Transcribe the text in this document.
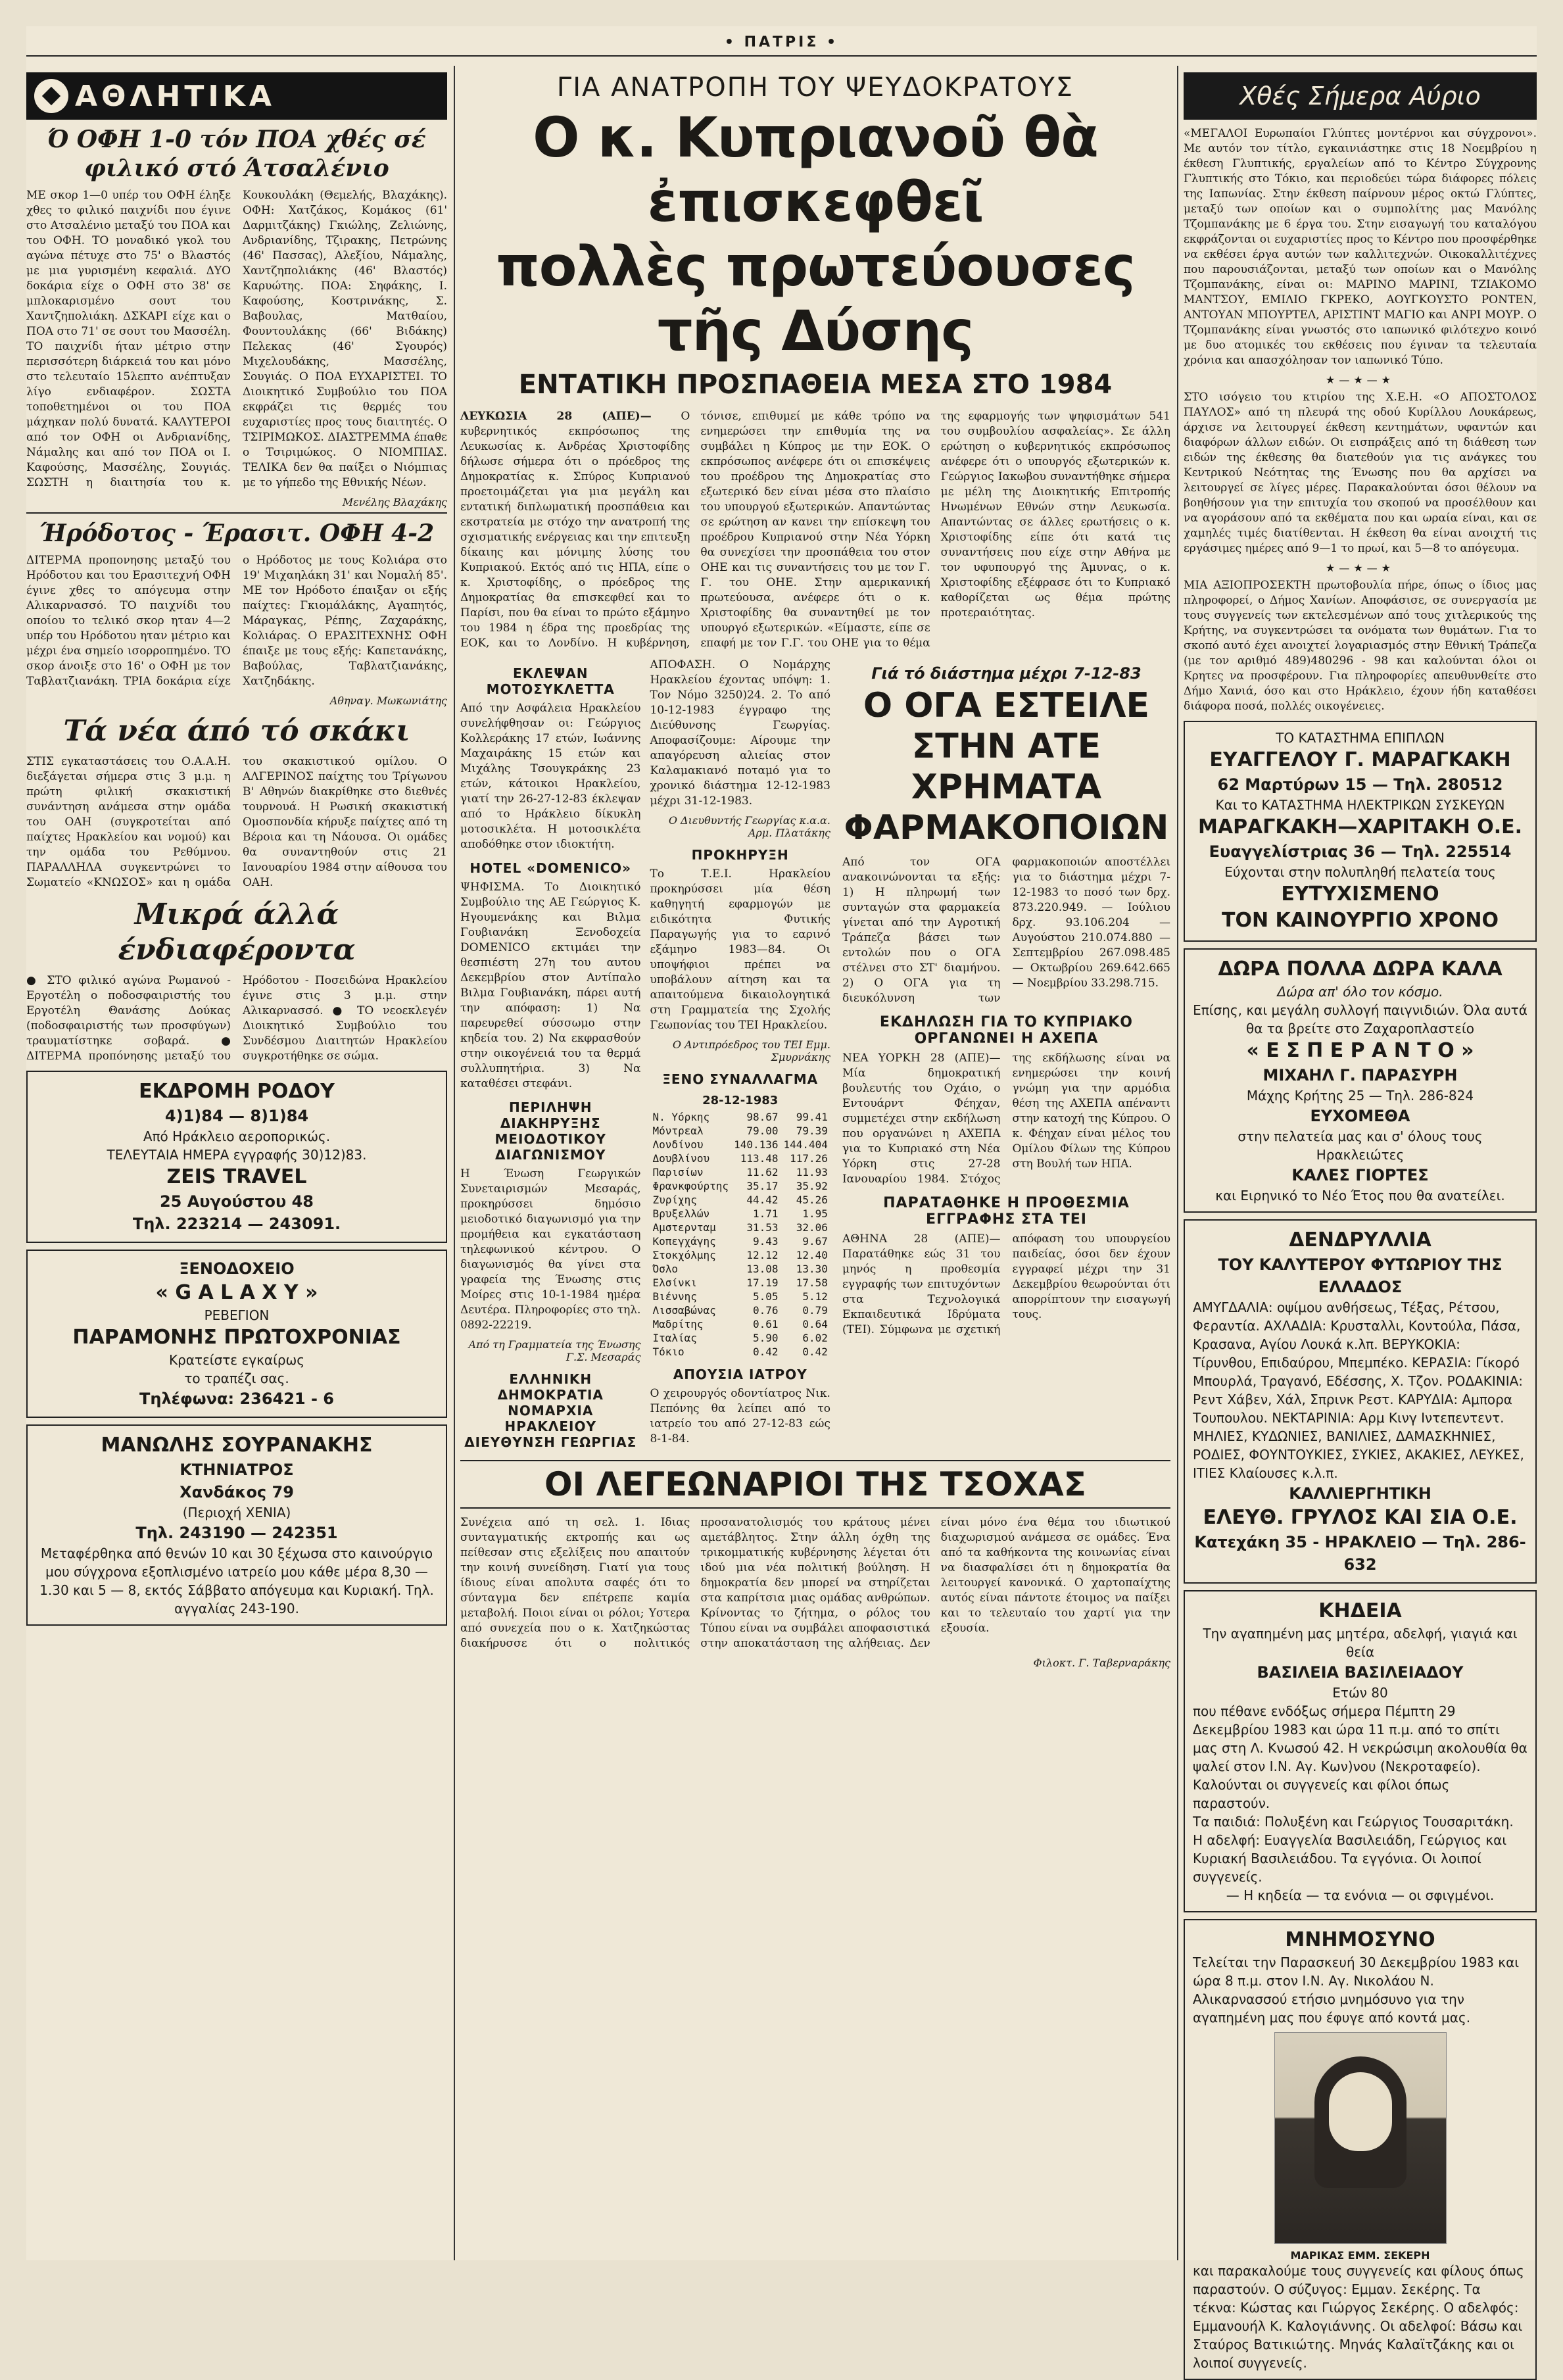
• ΠΑΤΡΙΣ •
ΑΘΛΗΤΙΚΑ
Ό ΟΦΗ 1-0 τόν ΠΟΑ χθές σέ φιλικό στό Άτσαλένιο
ΜΕ σκορ 1—0 υπέρ του ΟΦΗ έληξε χθες το φιλικό παιχνίδι που έγινε στο Ατσαλένιο μεταξύ του ΠΟΑ και του ΟΦΗ. ΤΟ μοναδικό γκολ του αγώνα πέτυχε στο 75' ο Βλαστός με μια γυρισμένη κεφαλιά. ΔΥΟ δοκάρια είχε ο ΟΦΗ στο 38' σε μπλοκαρισμένο σουτ του Χαντζηπολιάκη. ΔΣΚΑΡΙ είχε και ο ΠΟΑ στο 71' σε σουτ του Μασσέλη. ΤΟ παιχνίδι ήταν μέτριο στην περισσότερη διάρκειά του και μόνο στο τελευταίο 15λεπτο ανέπτυξαν λίγο ενδιαφέρον. ΣΩΣΤΑ τοποθετημένοι οι του ΠΟΑ μάχηκαν πολύ δυνατά. ΚΑΛΥΤΕΡΟΙ από τον ΟΦΗ οι Ανδριανίδης, Νάμαλης και από τον ΠΟΑ οι Ι. Καφούσης, Μασσέλης, Σουγιάς. ΣΩΣΤΗ η διαιτησία του κ. Κουκουλάκη (Θεμελής, Βλαχάκης). ΟΦΗ: Χατζάκος, Κομάκος (61' Δαρμιτζάκης) Γκιώλης, Ζελιώνης, Ανδριανίδης, Τζιρακης, Πετρώνης (46' Πασσας), Αλεξίου, Νάμαλης, Χαντζηπολιάκης (46' Βλαστός) Καρυώτης. ΠΟΑ: Σηφάκης, Ι. Καφούσης, Κοστρινάκης, Σ. Βαβουλας, Ματθαίου, Φουντουλάκης (66' Βιδάκης) Πελεκας (46' Σγουρός) Μιχελουδάκης, Μασσέλης, Σουγιάς. Ο ΠΟΑ ΕΥΧΑΡΙΣΤΕΙ. ΤΟ Διοικητικό Συμβούλιο του ΠΟΑ εκφράζει τις θερμές του ευχαριστίες προς τους διαιτητές. Ο ΤΣΙΡΙΜΩΚΟΣ. ΔΙΑΣΤΡΕΜΜΑ έπαθε ο Τσιριμώκος. Ο ΝΙΟΜΠΙΑΣ. ΤΕΛΙΚΑ δεν θα παίξει ο Νιόμπιας με το γήπεδο της Εθνικής Νέων.
Μενέλης Βλαχάκης
Ήρόδοτος - Έρασιτ. ΟΦΗ 4-2
ΔΙΤΕΡΜΑ προπονησης μεταξύ του Ηρόδοτου και του Ερασιτεχνή ΟΦΗ έγινε χθες το απόγευμα στην Αλικαρνασσό. ΤΟ παιχνίδι του οποίου το τελικό σκορ ηταν 4—2 υπέρ του Ηρόδοτου ηταν μέτριο και μέχρι ένα σημείο ισορροπημένο. ΤΟ σκορ άνοιξε στο 16' ο ΟΦΗ με τον Ταβλατζιανάκη. ΤΡΙΑ δοκάρια είχε ο Ηρόδοτος με τους Κολιάρα στο 19' Μιχαηλάκη 31' και Νομαλή 85'. ΜΕ τον Ηρόδοτο έπαιξαν οι εξής παίχτες: Γκιομάλάκης, Αγαπητός, Μάραγκας, Ρέπης, Ζαχαράκης, Κολιάρας. Ο ΕΡΑΣΙΤΕΧΝΗΣ ΟΦΗ έπαιξε με τους εξής: Καπετανάκης, Βαβούλας, Ταβλατζιανάκης, Χατζηδάκης.
Αθηναγ. Μωκωνιάτης
Τά νέα άπό τό σκάκι
ΣΤΙΣ εγκαταστάσεις του Ο.Α.Α.Η. διεξάγεται σήμερα στις 3 μ.μ. η πρώτη φιλική σκακιστική συνάντηση ανάμεσα στην ομάδα του ΟΑΗ (συγκροτείται από παίχτες Ηρακλείου και νομού) και την ομάδα του Ρεθύμνου. ΠΑΡΑΛΛΗΛΑ συγκεντρώνει το Σωματείο «ΚΝΩΣΟΣ» και η ομάδα του σκακιστικού ομίλου. Ο ΑΛΓΕΡΙΝΟΣ παίχτης του Τρίγωνου Β' Αθηνών διακρίθηκε στο διεθνές τουρνουά. Η Ρωσική σκακιστική Ομοσπονδία κήρυξε παίχτες από τη Βέροια και τη Νάουσα. Οι ομάδες θα συναντηθούν στις 21 Ιανουαρίου 1984 στην αίθουσα του ΟΑΗ.
Μικρά άλλά ένδιαφέροντα
● ΣΤΟ φιλικό αγώνα Ρωμανού - Εργοτέλη ο ποδοσφαιριστής του Εργοτέλη Θανάσης Δούκας (ποδοσφαιριστής των προσφύγων) τραυματίστηκε σοβαρά. ● ΔΙΤΕΡΜΑ προπόνησης μεταξύ του Ηρόδοτου - Ποσειδώνα Ηρακλείου έγινε στις 3 μ.μ. στην Αλικαρνασσό. ● ΤΟ νεοεκλεγέν Διοικητικό Συμβούλιο του Συνδέσμου Διαιτητών Ηρακλείου συγκροτήθηκε σε σώμα.
ΕΚΔΡΟΜΗ ΡΟΔΟΥ
4)1)84 — 8)1)84
Από Ηράκλειο αεροπορικώς.
ΤΕΛΕΥΤΑΙΑ ΗΜΕΡΑ εγγραφής 30)12)83.
ZEIS TRAVEL
25 Αυγούστου 48
Τηλ. 223214 — 243091.
ΞΕΝΟΔΟΧΕΙΟ
« G A L A X Y »
ΡΕΒΕΓΙΟΝ
ΠΑΡΑΜΟΝΗΣ ΠΡΩΤΟΧΡΟΝΙΑΣ
Κρατείστε εγκαίρως
το τραπέζι σας.
Τηλέφωνα: 236421 - 6
ΜΑΝΩΛΗΣ ΣΟΥΡΑΝΑΚΗΣ
ΚΤΗΝΙΑΤΡΟΣ
Χανδάκος 79
(Περιοχή ΧΕΝΙΑ)
Τηλ. 243190 — 242351
Μεταφέρθηκα από θενών 10 και 30 ξέχωσα στο καινούργιο μου σύγχρονα εξοπλισμένο ιατρείο μου κάθε μέρα 8,30 — 1.30 και 5 — 8, εκτός Σάββατο απόγευμα και Κυριακή. Τηλ. αγγαλίας 243-190.
ΓΙΑ ΑΝΑΤΡΟΠΗ ΤΟΥ ΨΕΥΔΟΚΡΑΤΟΥΣ
Ο κ. Κυπριανοῦ θὰ ἐπισκεφθεῖ
πολλὲς πρωτεύουσες τῆς Δύσης
ΕΝΤΑΤΙΚΗ ΠΡΟΣΠΑΘΕΙΑ ΜΕΣΑ ΣΤΟ 1984
ΛΕΥΚΩΣΙΑ 28 (ΑΠΕ)—	Ο κυβερνητικός εκπρόσωπος της Λευκωσίας κ. Ανδρέας Χριστοφίδης δήλωσε σήμερα ότι ο πρόεδρος της Δημοκρατίας κ. Σπύρος Κυπριανού προετοιμάζεται για μια μεγάλη και εντατική διπλωματική προσπάθεια και εκστρατεία με στόχο την ανατροπή της σχισματικής ενέργειας και την επιτευξη δίκαιης και μόνιμης λύσης του Κυπριακού. Εκτός από τις ΗΠΑ, είπε ο κ. Χριστοφίδης, ο πρόεδρος της Δημοκρατίας θα επισκεφθεί και το Παρίσι, που θα είναι το πρώτο εξάμηνο του 1984 η έδρα της προεδρίας της ΕΟΚ, και το Λονδίνο. Η κυβέρνηση, τόνισε, επιθυμεί με κάθε τρόπο να ενημερώσει την επιθυμία της να συμβάλει η Κύπρος με την ΕΟΚ. Ο εκπρόσωπος ανέφερε ότι οι επισκέψεις του προέδρου της Δημοκρατίας στο εξωτερικό δεν είναι μέσα στο πλαίσιο του υπουργού εξωτερικών. Απαντώντας σε ερώτηση αν κανει την επίσκεψη του προέδρου Κυπριανού στην Νέα Υόρκη θα συνεχίσει την προσπάθεια του στον ΟΗΕ και τις συναντήσεις του με τον Γ. Γ. του ΟΗΕ. Στην αμερικανική πρωτεύουσα, ανέφερε ότι ο κ. Χριστοφίδης θα συναντηθεί με τον υπουργό εξωτερικών. «Είμαστε, είπε σε επαφή με τον Γ.Γ. του ΟΗΕ για το θέμα της εφαρμογής των ψηφισμάτων 541 του συμβουλίου ασφαλείας». Σε άλλη ερώτηση ο κυβερνητικός εκπρόσωπος ανέφερε ότι ο υπουργός εξωτερικών κ. Γεώργιος Ιακωβου συναντήθηκε σήμερα με μέλη της Διοικητικής Επιτροπής Ηνωμένων Εθνών στην Λευκωσία. Απαντώντας σε άλλες ερωτήσεις ο κ. Χριστοφίδης είπε ότι κατά τις συναντήσεις που είχε στην Αθήνα με τον υφυπουργό της Άμυνας, ο κ. Χριστοφίδης εξέφρασε ότι το Κυπριακό καθορίζεται ως θέμα πρώτης προτεραιότητας.
ΕΚΛΕΨΑΝ ΜΟΤΟΣΥΚΛΕΤΤΑ
Από την Ασφάλεια Ηρακλείου συνελήφθησαν οι: Γεώργιος Κολλεράκης 17 ετών, Ιωάννης Μαχαιράκης 15 ετών και Μιχάλης Τσουγκράκης 23 ετών, κάτοικοι Ηρακλείου, γιατί την 26-27-12-83 έκλεψαν από το Ηράκλειο δίκυκλη μοτοσικλέτα. Η μοτοσικλέτα αποδόθηκε στον ιδιοκτήτη.
HOTEL «DOMENICO»
ΨΗΦΙΣΜΑ. Το Διοικητικό Συμβούλιο της ΑΕ Γεώργιος Κ. Ηγουμενάκης και Βιλμα Γουβιανάκη Ξενοδοχεία DOMENICO εκτιμάει την θεσπιέστη 27η του αυτου Δεκεμβρίου στον Αντίπαλο Βιλμα Γουβιανάκη, πάρει αυτή την απόφαση: 1) Να παρευρεθεί σύσσωμο στην κηδεία του. 2) Να εκφρασθούν στην οικογένειά του τα θερμά συλλυπητήρια. 3) Να καταθέσει στεφάνι.
ΠΕΡΙΛΗΨΗ ΔΙΑΚΗΡΥΞΗΣ ΜΕΙΟΔΟΤΙΚΟΥ ΔΙΑΓΩΝΙΣΜΟΥ
Η Ένωση Γεωργικών Συνεταιρισμών Μεσαράς, προκηρύσσει δημόσιο μειοδοτικό διαγωνισμό για την προμήθεια και εγκατάσταση τηλεφωνικού κέντρου. Ο διαγωνισμός θα γίνει στα γραφεία της Ένωσης στις Μοίρες στις 10-1-1984 ημέρα Δευτέρα. Πληροφορίες στο τηλ. 0892-22219.
Από τη Γραμματεία της Ένωσης Γ.Σ. Μεσαράς
ΕΛΛΗΝΙΚΗ ΔΗΜΟΚΡΑΤΙΑ ΝΟΜΑΡΧΙΑ ΗΡΑΚΛΕΙΟΥ ΔΙΕΥΘΥΝΣΗ ΓΕΩΡΓΙΑΣ
ΑΠΟΦΑΣΗ. Ο Νομάρχης Ηρακλείου έχοντας υπόψη: 1. Τον Νόμο 3250)24. 2. Το από 10-12-1983 έγγραφο της Διεύθυνσης Γεωργίας. Αποφασίζουμε: Αίρουμε την απαγόρευση αλιείας στον Καλαμακιανό ποταμό για το χρονικό διάστημα 12-12-1983 μέχρι 31-12-1983.
Ο Διευθυντής Γεωργίας κ.α.α. Αρμ. Πλατάκης
ΠΡΟΚΗΡΥΞΗ
Το Τ.Ε.Ι. Ηρακλείου προκηρύσσει μία θέση καθηγητή εφαρμογών με ειδικότητα Φυτικής Παραγωγής για το εαρινό εξάμηνο 1983—84. Οι υποψήφιοι πρέπει να υποβάλουν αίτηση και τα απαιτούμενα δικαιολογητικά στη Γραμματεία της Σχολής Γεωπονίας του ΤΕΙ Ηρακλείου.
Ο Αντιπρόεδρος του ΤΕΙ Εμμ. Σμυρνάκης
ΞΕΝΟ ΣΥΝΑΛΛΑΓΜΑ
28-12-1983
Ν. Υόρκης	98.67	99.41
Μόντρεαλ	79.00	79.39
Λονδίνου	140.136	144.404
Δουβλίνου	113.48	117.26
Παρισίων	11.62	11.93
Φρανκφούρτης	35.17	35.92
Ζυρίχης	44.42	45.26
Βρυξελλών	1.71	1.95
Αμστερνταμ	31.53	32.06
Κοπεγχάγης	9.43	9.67
Στοκχόλμης	12.12	12.40
Όσλο	13.08	13.30
Ελσίνκι	17.19	17.58
Βιέννης	5.05	5.12
Λισσαβώνας	0.76	0.79
Μαδρίτης	0.61	0.64
Ιταλίας	5.90	6.02
Τόκιο	0.42	0.42
ΑΠΟΥΣΙΑ ΙΑΤΡΟΥ
Ο χειρουργός οδοντίατρος Νικ. Πεπόνης θα λείπει από το ιατρείο του από 27-12-83 εώς 8-1-84.
Γιά τό διάστημα μέχρι 7-12-83
Ο ΟΓΑ ΕΣΤΕΙΛΕ ΣΤΗΝ ΑΤΕ ΧΡΗΜΑΤΑ ΦΑΡΜΑΚΟΠΟΙΩΝ
Από τον ΟΓΑ ανακοινώνονται τα εξής: 1) Η πληρωμή των συνταγών στα φαρμακεία γίνεται από την Αγροτική Τράπεζα βάσει των εντολών που ο ΟΓΑ στέλνει στο ΣΤ' διαμήνου. 2) Ο ΟΓΑ για τη διευκόλυνση των φαρμακοποιών αποστέλλει για το διάστημα μέχρι 7-12-1983 το ποσό των δρχ. 873.220.949. — Ιούλιου δρχ. 93.106.204 — Αυγούστου 210.074.880 — Σεπτεμβρίου 267.098.485 — Οκτωβρίου 269.642.665 — Νοεμβρίου 33.298.715.
ΕΚΔΗΛΩΣΗ ΓΙΑ ΤΟ ΚΥΠΡΙΑΚΟ ΟΡΓΑΝΩΝΕΙ Η ΑΧΕΠΑ
ΝΕΑ ΥΟΡΚΗ 28 (ΑΠΕ)— Μία δημοκρατική βουλευτής του Οχάιο, ο Εντουάρντ Φέηχαν, συμμετέχει στην εκδήλωση που οργανώνει η ΑΧΕΠΑ για το Κυπριακό στη Νέα Υόρκη στις 27-28 Ιανουαρίου 1984. Στόχος της εκδήλωσης είναι να ενημερώσει την κοινή γνώμη για την αρμόδια θέση της ΑΧΕΠΑ απέναντι στην κατοχή της Κύπρου. Ο κ. Φέηχαν είναι μέλος του Ομίλου Φίλων της Κύπρου στη Βουλή των ΗΠΑ.
ΠΑΡΑΤΑΘΗΚΕ Η ΠΡΟΘΕΣΜΙΑ ΕΓΓΡΑΦΗΣ ΣΤΑ ΤΕΙ
ΑΘΗΝΑ 28 (ΑΠΕ)— Παρατάθηκε εώς 31 του μηνός η προθεσμία εγγραφής των επιτυχόντων στα Τεχνολογικά Εκπαιδευτικά Ιδρύματα (ΤΕΙ). Σύμφωνα με σχετική απόφαση του υπουργείου παιδείας, όσοι δεν έχουν εγγραφεί μέχρι την 31 Δεκεμβρίου θεωρούνται ότι απορρίπτουν την εισαγωγή τους.
ΟΙ ΛΕΓΕΩΝΑΡΙΟΙ ΤΗΣ ΤΣΟΧΑΣ
Συνέχεια από τη σελ. 1. Ιδιας συνταγματικής εκτροπής και ως πείθεσαν στις εξελίξεις που απαιτούν την κοινή συνείδηση. Γιατί για τους ίδιους είναι απολυτα σαφές ότι το σύνταγμα δεν επέτρεπε καμία μεταβολή. Ποιοι είναι οι ρόλοι; Υστερα από συνεχεία που ο κ. Χατζηκώστας διακήρυσσε ότι ο πολιτικός προσανατολισμός του κράτους μένει αμετάβλητος. Στην άλλη όχθη της τρικομματικής κυβέρνησης λέγεται ότι ιδού μια νέα πολιτική βούληση. Η δημοκρατία δεν μπορεί να στηρίζεται στα καπρίτσια μιας ομάδας ανθρώπων. Κρίνοντας το ζήτημα, ο ρόλος του Τύπου είναι να συμβάλει αποφασιστικά στην αποκατάσταση της αλήθειας. Δεν είναι μόνο ένα θέμα του ιδιωτικού διαχωρισμού ανάμεσα σε ομάδες. Ένα από τα καθήκοντα της κοινωνίας είναι να διασφαλίσει ότι η δημοκρατία θα λειτουργεί κανονικά. Ο χαρτοπαίχτης αυτός είναι πάντοτε έτοιμος να παίξει και το τελευταίο του χαρτί για την εξουσία.
Φιλοκτ. Γ. Ταβερναράκης
Χθές Σήμερα Αύριο
«ΜΕΓΑΛΟΙ Ευρωπαίοι Γλύπτες μοντέρνοι και σύγχρονοι». Με αυτόν τον τίτλο, εγκαινιάστηκε στις 18 Νοεμβρίου η έκθεση Γλυπτικής, εργαλείων από το Κέντρο Σύγχρονης Γλυπτικής στο Τόκιο, και περιοδεύει τώρα διάφορες πόλεις της Ιαπωνίας. Στην έκθεση παίρνουν μέρος οκτώ Γλύπτες, μεταξύ των οποίων και ο συμπολίτης μας Μανόλης Τζομπανάκης με 6 έργα του. Στην εισαγωγή του καταλόγου εκφράζονται οι ευχαριστίες προς το Κέντρο που προσφέρθηκε να εκθέσει έργα αυτών των καλλιτεχνών. Οικοκαλλιτέχνες που παρουσιάζονται, μεταξύ των οποίων και ο Μανόλης Τζομπανάκης, είναι οι: ΜΑΡΙΝΟ ΜΑΡΙΝΙ, ΤΖΙΑΚΟΜΟ ΜΑΝΤΣΟΥ, ΕΜΙΛΙΟ ΓΚΡΕΚΟ, ΑΟΥΓΚΟΥΣΤΟ ΡΟΝΤΕΝ, ΑΝΤΟΥΑΝ ΜΠΟΥΡΤΕΛ, ΑΡΙΣΤΙΝΤ ΜΑΓΙΟ και ΑΝΡΙ ΜΟΥΡ. Ο Τζομπανάκης είναι γνωστός στο ιαπωνικό φιλότεχνο κοινό με δυο ατομικές του εκθέσεις που έγιναν τα τελευταία χρόνια και απασχόλησαν τον ιαπωνικό Τύπο.
★—★—★
ΣΤΟ ισόγειο του κτιρίου της Χ.Ε.Η. «Ο ΑΠΟΣΤΟΛΟΣ ΠΑΥΛΟΣ» από τη πλευρά της οδού Κυρίλλου Λουκάρεως, άρχισε να λειτουργεί έκθεση κεντημάτων, υφαντών και διαφόρων άλλων ειδών. Οι εισπράξεις από τη διάθεση των ειδών της έκθεσης θα διατεθούν για τις ανάγκες του Κεντρικού Νεότητας της Ένωσης που θα αρχίσει να λειτουργεί σε λίγες μέρες. Παρακαλούνται όσοι θέλουν να βοηθήσουν για την επιτυχία του σκοπού να προσέλθουν και να αγοράσουν από τα εκθέματα που και ωραία είναι, και σε χαμηλές τιμές διατίθενται. Η έκθεση θα είναι ανοιχτή τις εργάσιμες ημέρες από 9—1 το πρωί, και 5—8 το απόγευμα.
★—★—★
ΜΙΑ ΑΞΙΟΠΡΟΣΕΚΤΗ πρωτοβουλία πήρε, όπως ο ίδιος μας πληροφορεί, ο Δήμος Χανίων. Αποφάσισε, σε συνεργασία με τους συγγενείς των εκτελεσμένων από τους χιτλερικούς της Κρήτης, να συγκεντρώσει τα ονόματα των θυμάτων. Για το σκοπό αυτό έχει ανοιχτεί λογαριασμός στην Εθνική Τράπεζα (με τον αριθμό 489)480296 - 98 και καλούνται όλοι οι Κρητες να προσφέρουν. Για πληροφορίες απευθυνθείτε στο Δήμο Χανιά, όσο και στο Ηράκλειο, έχουν ήδη καταθέσει διάφορα ποσά, πολλές οικογένειες.
ΤΟ ΚΑΤΑΣΤΗΜΑ ΕΠΙΠΛΩΝ
ΕΥΑΓΓΕΛΟΥ Γ. ΜΑΡΑΓΚΑΚΗ
62 Μαρτύρων 15 — Τηλ. 280512
Και το ΚΑΤΑΣΤΗΜΑ ΗΛΕΚΤΡΙΚΩΝ ΣΥΣΚΕΥΩΝ
ΜΑΡΑΓΚΑΚΗ—ΧΑΡΙΤΑΚΗ Ο.Ε.
Ευαγγελίστριας 36 — Τηλ. 225514
Εύχονται στην πολυπληθή πελατεία τους
ΕΥΤΥΧΙΣΜΕΝΟ
ΤΟΝ ΚΑΙΝΟΥΡΓΙΟ ΧΡΟΝΟ
ΔΩΡΑ ΠΟΛΛΑ ΔΩΡΑ ΚΑΛΑ
Δώρα απ' όλο τον κόσμο.
Επίσης, και μεγάλη συλλογή παιγνιδιών. Όλα αυτά θα τα βρείτε στο Ζαχαροπλαστείο
« Ε Σ Π Ε Ρ Α Ν Τ Ο »
ΜΙΧΑΗΛ Γ. ΠΑΡΑΣΥΡΗ
Μάχης Κρήτης 25 — Τηλ. 286-824
ΕΥΧΟΜΕΘΑ
στην πελατεία μας και σ' όλους τους Ηρακλειώτες
ΚΑΛΕΣ ΓΙΟΡΤΕΣ
και Ειρηνικό το Νέο Έτος που θα ανατείλει.
ΔΕΝΔΡΥΛΛΙΑ
ΤΟΥ ΚΑΛΥΤΕΡΟΥ ΦΥΤΩΡΙΟΥ ΤΗΣ ΕΛΛΑΔΟΣ
ΑΜΥΓΔΑΛΙΑ: οψίμου ανθήσεως, Τέξας, Ρέτσου, Φεραντία. ΑΧΛΑΔΙΑ: Κρυσταλλι, Κοντούλα, Πάσα, Κρασανα, Αγίου Λουκά κ.λπ. ΒΕΡΥΚΟΚΙΑ: Τίρυνθου, Επιδαύρου, Μπεμπέκο. ΚΕΡΑΣΙΑ: Γίκορό Μπουρλά, Τραγανό, Εδέσσης, Χ. Τζον. ΡΟΔΑΚΙΝΙΑ: Ρεντ Χάβεν, Χάλ, Σπρινκ Ρεστ. ΚΑΡΥΔΙΑ: Αμπορα Τουπουλου. ΝΕΚΤΑΡΙΝΙΑ: Αρμ Κινγ Ιντεπεντεντ. ΜΗΛΙΕΣ, ΚΥΔΩΝΙΕΣ, ΒΑΝΙΛΙΕΣ, ΔΑΜΑΣΚΗΝΙΕΣ, ΡΟΔΙΕΣ, ΦΟΥΝΤΟΥΚΙΕΣ, ΣΥΚΙΕΣ, ΑΚΑΚΙΕΣ, ΛΕΥΚΕΣ, ΙΤΙΕΣ Κλαίουσες κ.λ.π.
ΚΑΛΛΙΕΡΓΗΤΙΚΗ
ΕΛΕΥΘ. ΓΡΥΛΟΣ ΚΑΙ ΣΙΑ Ο.Ε.
Κατεχάκη 35 - ΗΡΑΚΛΕΙΟ — Τηλ. 286-632
ΚΗΔΕΙΑ
Την αγαπημένη μας μητέρα, αδελφή, γιαγιά και θεία
ΒΑΣΙΛΕΙΑ ΒΑΣΙΛΕΙΑΔΟΥ
Ετών 80
που πέθανε ενδόξως σήμερα Πέμπτη 29 Δεκεμβρίου 1983 και ώρα 11 π.μ. από το σπίτι μας στη Λ. Κνωσού 42. Η νεκρώσιμη ακολουθία θα ψαλεί στον Ι.Ν. Αγ. Κων)νου (Νεκροταφείο). Καλούνται οι συγγενείς και φίλοι όπως παραστούν.
Τα παιδιά: Πολυξένη και Γεώργιος Τουσαριτάκη. Η αδελφή: Ευαγγελία Βασιλειάδη, Γεώργιος και Κυριακή Βασιλειάδου. Τα εγγόνια. Οι λοιποί συγγενείς.
— Η κηδεία — τα ενόνια — οι σφιγμένοι.
ΜΝΗΜΟΣΥΝΟ
Τελείται την Παρασκευή 30 Δεκεμβρίου 1983 και ώρα 8 π.μ. στον Ι.Ν. Αγ. Νικολάου Ν. Αλικαρνασσού ετήσιο μνημόσυνο για την αγαπημένη μας που έφυγε από κοντά μας.
ΜΑΡΙΚΑΣ ΕΜΜ. ΣΕΚΕΡΗ
και παρακαλούμε τους συγγενείς και φίλους όπως παραστούν. Ο σύζυγος: Εμμαν. Σεκέρης. Τα τέκνα: Κώστας και Γιώργος Σεκέρης. Ο αδελφός: Εμμανουήλ Κ. Καλογιάννης. Οι αδελφοί: Βάσω και Σταύρος Βατικιώτης. Μηνάς Καλαϊτζάκης και οι λοιποί συγγενείς.
